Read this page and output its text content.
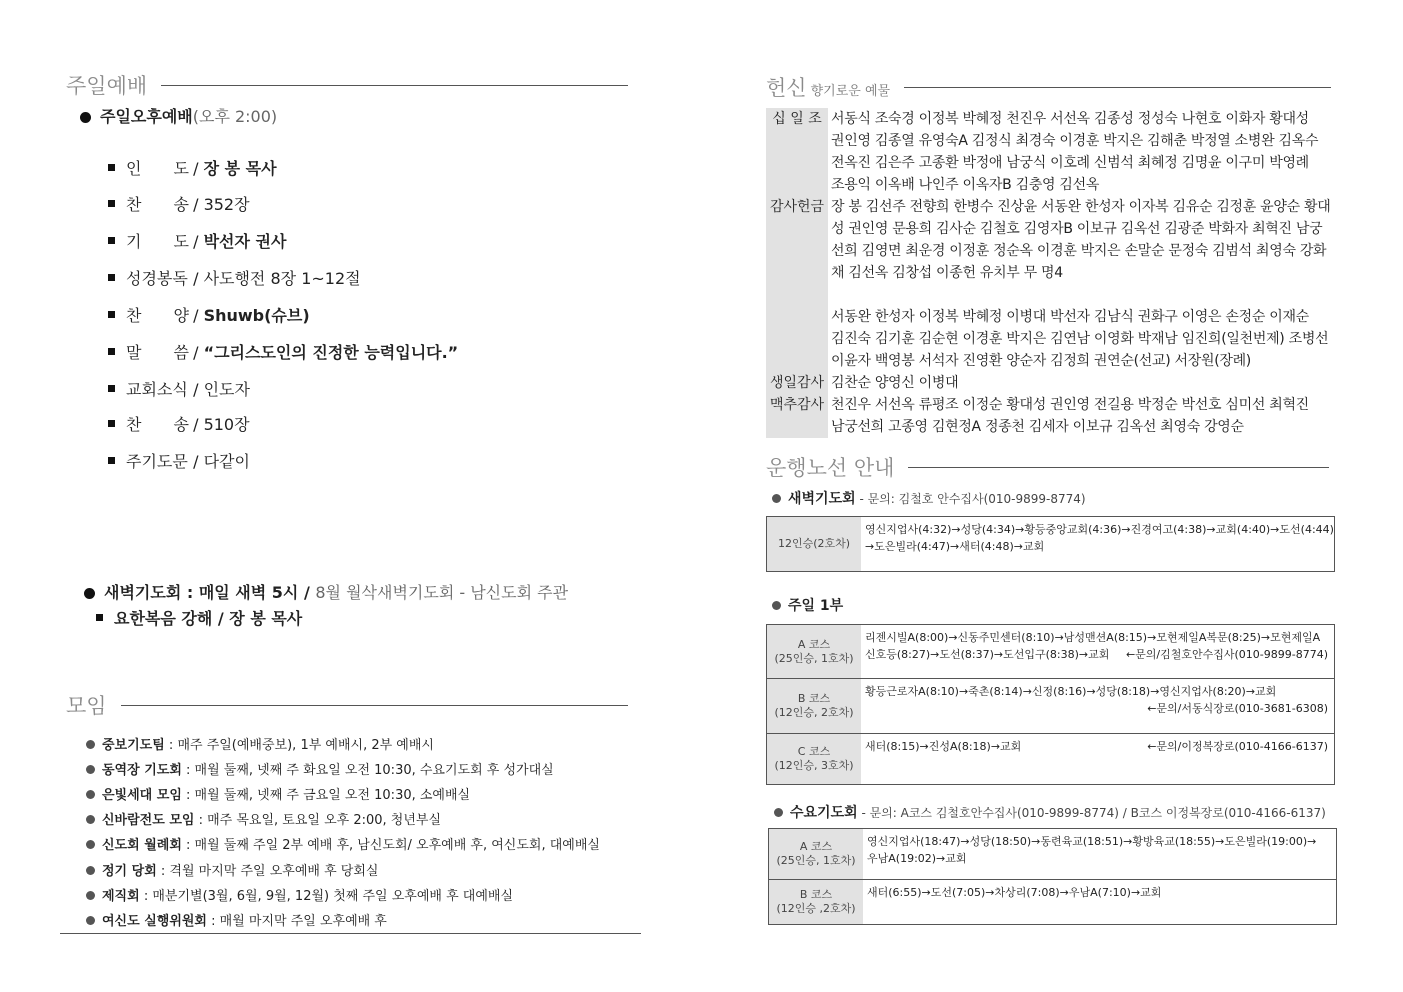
주일예배
주일오후예배(오후 2:00)
인　　도 / 장 봉 목사
찬　　송 / 352장
기　　도 / 박선자 권사
성경봉독 / 사도행전 8장 1~12절
찬　　양 / Shuwb(슈브)
말　　씀 / “그리스도인의 진정한 능력입니다.”
교회소식 / 인도자
찬　　송 / 510장
주기도문 / 다같이
새벽기도회 : 매일 새벽 5시 / 8월 월삭새벽기도회 - 남신도회 주관
요한복음 강해 / 장 봉 목사
모임
중보기도팀 : 매주 주일(예배중보), 1부 예배시, 2부 예배시
동역장 기도회 : 매월 둘째, 넷째 주 화요일 오전 10:30, 수요기도회 후 성가대실
은빛세대 모임 : 매월 둘째, 넷째 주 금요일 오전 10:30, 소예배실
신바람전도 모임 : 매주 목요일, 토요일 오후 2:00, 청년부실
신도회 월례회 : 매월 둘째 주일 2부 예배 후, 남신도회/ 오후예배 후, 여신도회, 대예배실
정기 당회 : 격월 마지막 주일 오후예배 후 당회실
제직회 : 매분기별(3월, 6월, 9월, 12월) 첫째 주일 오후예배 후 대예배실
여신도 실행위원회 : 매월 마지막 주일 오후예배 후
헌신 향기로운 예물
십 일 조 서동식 조숙경 이정복 박혜정 천진우 서선옥 김종성 정성숙 나현호 이화자 황대성
권인영 김종열 유영숙A 김정식 최경숙 이경훈 박지은 김해춘 박정열 소병완 김옥수
전옥진 김은주 고종환 박정애 남궁식 이호례 신범석 최혜정 김명윤 이구미 박영례
조용익 이옥배 나인주 이옥자B 김충영 김선옥
감사헌금 장 봉 김선주 전향희 한병수 진상윤 서동완 한성자 이자복 김유순 김정훈 윤양순 황대
성 권인영 문용희 김사순 김철호 김영자B 이보규 김옥선 김광준 박화자 최혁진 남궁
선희 김영면 최운경 이정훈 정순옥 이경훈 박지은 손말순 문정숙 김범석 최영숙 강화
채 김선옥 김창섭 이종헌 유치부 무 명4
서동완 한성자 이정복 박혜정 이병대 박선자 김남식 권화구 이영은 손정순 이재순
김진숙 김기훈 김순현 이경훈 박지은 김연남 이영화 박재남 임진희(일천번제) 조병선
이윤자 백영봉 서석자 진영환 양순자 김정희 권연순(선교) 서장원(장례)
생일감사 김찬순 양영신 이병대
맥추감사 천진우 서선옥 류평조 이정순 황대성 권인영 전길용 박정순 박선호 심미선 최혁진
남궁선희 고종영 김현정A 정종천 김세자 이보규 김옥선 최영숙 강영순
운행노선 안내
새벽기도회 - 문의: 김철호 안수집사(010-9899-8774)
12인승(2호차)
영신지업사(4:32)→성당(4:34)→황등중앙교회(4:36)→진경여고(4:38)→교회(4:40)→도선(4:44)
→도은빌라(4:47)→새터(4:48)→교회
주일 1부
A 코스
(25인승, 1호차)
리젠시빌A(8:00)→신동주민센터(8:10)→남성맨션A(8:15)→모현제일A복문(8:25)→모현제일A
신호등(8:27)→도선(8:37)→도선입구(8:38)→교회	←문의/김철호안수집사(010-9899-8774)
B 코스
(12인승, 2호차)
황등근로자A(8:10)→죽촌(8:14)→신정(8:16)→성당(8:18)→영신지업사(8:20)→교회
←문의/서동식장로(010-3681-6308)
C 코스
(12인승, 3호차)
새터(8:15)→진성A(8:18)→교회	←문의/이정복장로(010-4166-6137)
수요기도회 - 문의: A코스 김철호안수집사(010-9899-8774) / B코스 이정복장로(010-4166-6137)
A 코스
(25인승, 1호차)
영신지업사(18:47)→성당(18:50)→동련육교(18:51)→황방육교(18:55)→도은빌라(19:00)→
우남A(19:02)→교회
B 코스
(12인승 ,2호차)
새터(6:55)→도선(7:05)→차상리(7:08)→우남A(7:10)→교회
